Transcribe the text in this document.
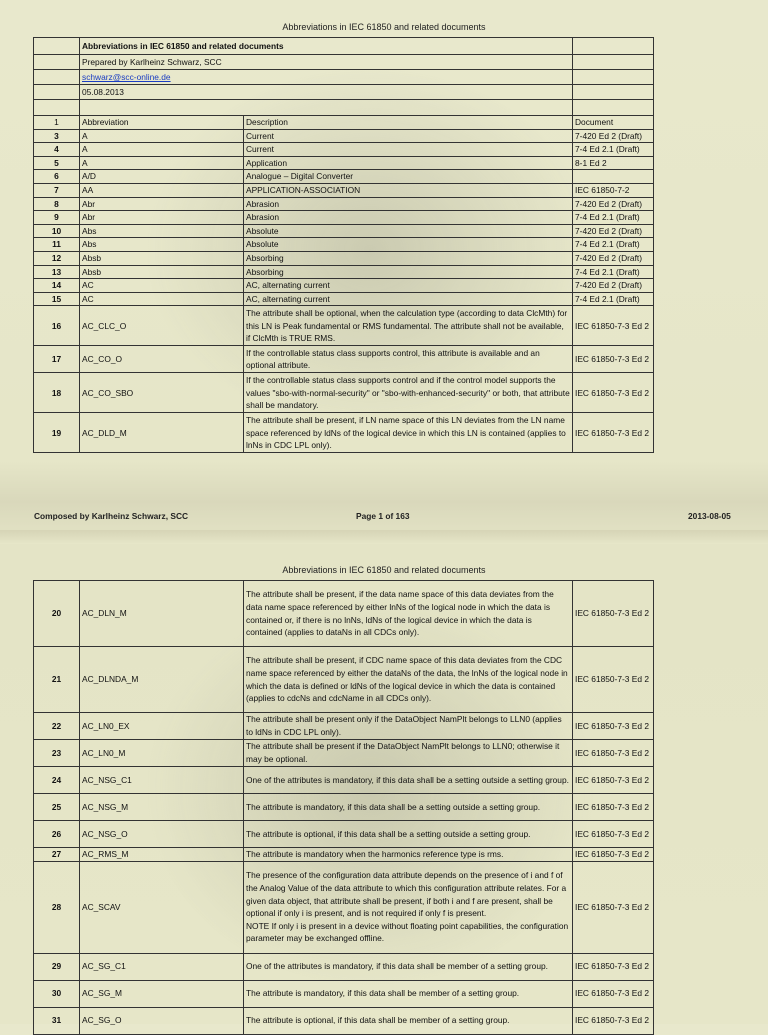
Abbreviations in IEC 61850 and related documents
	Abbreviations in IEC 61850 and related documents		
	Prepared by Karlheinz Schwarz, SCC		
	schwarz@scc-online.de		
	05.08.2013		

1	Abbreviation	Description	Document
3	A	Current	7-420 Ed 2 (Draft)
4	A	Current	7-4 Ed 2.1 (Draft)
5	A	Application	8-1 Ed 2
6	A/D	Analogue – Digital Converter	
7	AA	APPLICATION-ASSOCIATION	IEC 61850-7-2
8	Abr	Abrasion	7-420 Ed 2 (Draft)
9	Abr	Abrasion	7-4 Ed 2.1 (Draft)
10	Abs	Absolute	7-420 Ed 2 (Draft)
11	Abs	Absolute	7-4 Ed 2.1 (Draft)
12	Absb	Absorbing	7-420 Ed 2 (Draft)
13	Absb	Absorbing	7-4 Ed 2.1 (Draft)
14	AC	AC, alternating current	7-420 Ed 2 (Draft)
15	AC	AC, alternating current	7-4 Ed 2.1 (Draft)
16	AC_CLC_O	The attribute shall be optional, when the calculation type (according to data ClcMth) for this LN is Peak fundamental or RMS fundamental. The attribute shall not be available, if ClcMth is TRUE RMS.	IEC 61850-7-3 Ed 2
17	AC_CO_O	If the controllable status class supports control, this attribute is available and an optional attribute.	IEC 61850-7-3 Ed 2
18	AC_CO_SBO	If the controllable status class supports control and if the control model supports the values "sbo-with-normal-security" or "sbo-with-enhanced-security" or both, that attribute shall be mandatory.	IEC 61850-7-3 Ed 2
19	AC_DLD_M	The attribute shall be present, if LN name space of this LN deviates from the LN name space referenced by ldNs of the logical device in which this LN is contained (applies to lnNs in CDC LPL only).	IEC 61850-7-3 Ed 2
Composed by Karlheinz Schwarz, SCC	Page 1 of 163	2013-08-05
Abbreviations in IEC 61850 and related documents
20	AC_DLN_M	The attribute shall be present, if the data name space of this data deviates from the data name space referenced by either lnNs of the logical node in which the data is contained or, if there is no lnNs, ldNs of the logical device in which the data is contained (applies to dataNs in all CDCs only).	IEC 61850-7-3 Ed 2
21	AC_DLNDA_M	The attribute shall be present, if CDC name space of this data deviates from the CDC name space referenced by either the dataNs of the data, the lnNs of the logical node in which the data is defined or ldNs of the logical device in which the data is contained (applies to cdcNs and cdcName in all CDCs only).	IEC 61850-7-3 Ed 2
22	AC_LN0_EX	The attribute shall be present only if the DataObject NamPlt belongs to LLN0 (applies to ldNs in CDC LPL only).	IEC 61850-7-3 Ed 2
23	AC_LN0_M	The attribute shall be present if the DataObject NamPlt belongs to LLN0; otherwise it may be optional.	IEC 61850-7-3 Ed 2
24	AC_NSG_C1	One of the attributes is mandatory, if this data shall be a setting outside a setting group.	IEC 61850-7-3 Ed 2
25	AC_NSG_M	The attribute is mandatory, if this data shall be a setting outside a setting group.	IEC 61850-7-3 Ed 2
26	AC_NSG_O	The attribute is optional, if this data shall be a setting outside a setting group.	IEC 61850-7-3 Ed 2
27	AC_RMS_M	The attribute is mandatory when the harmonics reference type is rms.	IEC 61850-7-3 Ed 2
28	AC_SCAV	The presence of the configuration data attribute depends on the presence of i and f of the Analog Value of the data attribute to which this configuration attribute relates. For a given data object, that attribute shall be present, if both i and f are present, shall be optional if only i is present, and is not required if only f is present.
NOTE If only i is present in a device without floating point capabilities, the configuration parameter may be exchanged offline.	IEC 61850-7-3 Ed 2
29	AC_SG_C1	One of the attributes is mandatory, if this data shall be member of a setting group.	IEC 61850-7-3 Ed 2
30	AC_SG_M	The attribute is mandatory, if this data shall be member of a setting group.	IEC 61850-7-3 Ed 2
31	AC_SG_O	The attribute is optional, if this data shall be member of a setting group.	IEC 61850-7-3 Ed 2
